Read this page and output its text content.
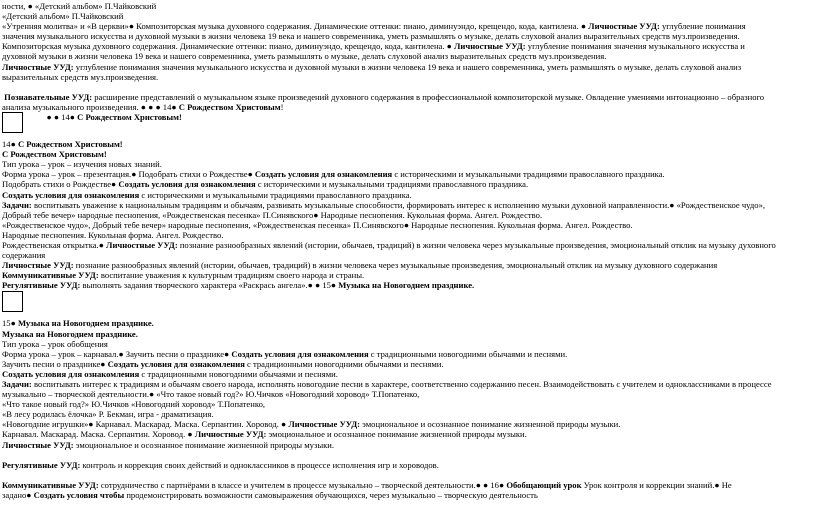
ности, ● «Детский альбом» П.Чайковский
«Детский альбом» П.Чайковский
«Утренняя молитва» и «В церкви»● Композиторская музыка духовного содержания. Динамические оттенки: пиано, диминуэндо, крещендо, кода, кантилена. ● Личностные УУД: углубление понимания
значения музыкального искусства и духовной музыки в жизни человека 19 века и нашего современника, уметь размышлять о музыке, делать слуховой анализ выразительных средств муз.произведения.
Композиторская музыка духовного содержания. Динамические оттенки: пиано, диминуэндо, крещендо, кода, кантилена. ● Личностные УУД: углубление понимания значения музыкального искусства и
духовной музыки в жизни человека 19 века и нашего современника, уметь размышлять о музыке, делать слуховой анализ выразительных средств муз.произведения.
Личностные УУД: углубление понимания значения музыкального искусства и духовной музыки в жизни человека 19 века и нашего современника, уметь размышлять о музыке, делать слуховой анализ
выразительных средств муз.произведения.
Познавательные УУД: расширение представлений о музыкальном языке произведений духовного содержания в профессиональной композиторской музыке. Овладение умениями интонационно – образного
анализа музыкального произведения. ● ● ● 14● С Рождеством Христовым!
● ● 14● С Рождеством Христовым!
14● С Рождеством Христовым!
С Рождеством Христовым!
Тип урока – урок – изучения новых знаний.
Форма урока – урок – презентация.● Подобрать стихи о Рождестве● Создать условия для ознакомления с историческими и музыкальными традициями православного праздника.
Подобрать стихи о Рождестве● Создать условия для ознакомления с историческими и музыкальными традициями православного праздника.
Создать условия для ознакомления с историческими и музыкальными традициями православного праздника.
Задачи: воспитывать уважение к национальным традициям и обычаям, развивать музыкальные способности, формировать интерес к исполнению музыки духовной направленности.● «Рождественское чудо»,
Добрый тебе вечер» народные песнопения, «Рождественская песенка» П.Синявского● Народные песнопения. Кукольная форма. Ангел. Рождество.
«Рождественское чудо», Добрый тебе вечер» народные песнопения, «Рождественская песенка» П.Синявского● Народные песнопения. Кукольная форма. Ангел. Рождество.
Народные песнопения. Кукольная форма. Ангел. Рождество.
Рождественская открытка.● Личностные УУД: познание разнообразных явлений (истории, обычаев, традиций) в жизни человека через музыкальные произведения, эмоциональный отклик на музыку духовного
содержания
Личностные УУД: познание разнообразных явлений (истории, обычаев, традиций) в жизни человека через музыкальные произведения, эмоциональный отклик на музыку духовного содержания
Коммуникативные УУД: воспитание уважения к культурным традициям своего народа и страны.
Регулятивные УУД: выполнять задания творческого характера «Раскрась ангела».● ● 15● Музыка на Новогоднем празднике.
15● Музыка на Новогоднем празднике.
Музыка на Новогоднем празднике.
Тип урока – урок обобщения
Форма урока – урок – карнавал.● Заучить песни о празднике● Создать условия для ознакомления с традиционными новогодними обычаями и песнями.
Заучить песни о празднике● Создать условия для ознакомления с традиционными новогодними обычаями и песнями.
Создать условия для ознакомления с традиционными новогодними обычаями и песнями.
Задачи: воспитывать интерес к традициям и обычаям своего народа, исполнять новогодние песни в характере, соответственно содержанию песен. Взаимодействовать с учителем и одноклассниками в процессе
музыкально – творческой деятельности.● «Что такое новый год?» Ю.Чичков «Новогодний хоровод» Т.Попатенко,
«Что такое новый год?» Ю.Чичков «Новогодний хоровод» Т.Попатенко,
«В лесу родилась ёлочка» Р. Бекман, игра - драматизация.
«Новогодние игрушки»● Карнавал. Маскарад. Маска. Серпантин. Хоровод. ● Личностные УУД: эмоциональное и осознанное понимание жизненной природы музыки.
Карнавал. Маскарад. Маска. Серпантин. Хоровод. ● Личностные УУД: эмоциональное и осознанное понимание жизненной природы музыки.
Личностные УУД: эмоциональное и осознанное понимание жизненной природы музыки.
Регулятивные УУД: контроль и коррекция своих действий и одноклассников в процессе исполнения игр и хороводов.
Коммуникативные УУД: сотрудничество с партнёрами в классе и учителем в процессе музыкально – творческой деятельности.● ● 16● Обобщающий урок Урок контроля и коррекции знаний.● Не
задано● Создать условия чтобы продемонстрировать возможности самовыражения обучающихся, через музыкально – творческую деятельность
